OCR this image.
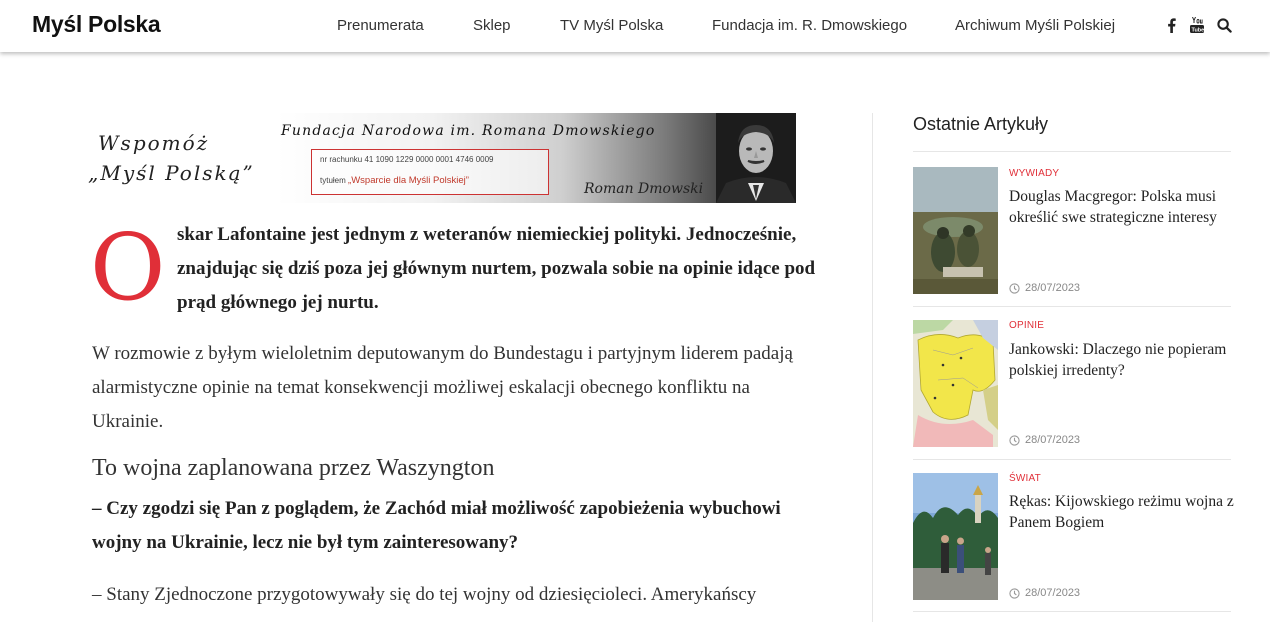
Myśl Polska	Prenumerata	Sklep	TV Myśl Polska	Fundacja im. R. Dmowskiego	Archiwum Myśli Polskiej	Tube
Wspomóż
„Myśl Polską”
Fundacja Narodowa im. Romana Dmowskiego
nr rachunku 41 1090 1229 0000 0001 4746 0009
tytułem „Wsparcie dla Myśli Polskiej”
Roman Dmowski
O skar Lafontaine jest jednym z weteranów niemieckiej polityki. Jednocześnie, znajdując się dziś poza jej głównym nurtem, pozwala sobie na opinie idące pod prąd głównego jej nurtu.
W rozmowie z byłym wieloletnim deputowanym do Bundestagu i partyjnym liderem padają alarmistyczne opinie na temat konsekwencji możliwej eskalacji obecnego konfliktu na Ukrainie.
To wojna zaplanowana przez Waszyngton
– Czy zgodzi się Pan z poglądem, że Zachód miał możliwość zapobieżenia wybuchowi wojny na Ukrainie, lecz nie był tym zainteresowany?
– Stany Zjednoczone przygotowywały się do tej wojny od dziesięcioleci. Amerykańscy
Ostatnie Artykuły
WYWIADY
Douglas Macgregor: Polska musi określić swe strategiczne interesy
28/07/2023
OPINIE
Jankowski: Dlaczego nie popieram polskiej irredenty?
28/07/2023
ŚWIAT
Rękas: Kijowskiego reżimu wojna z Panem Bogiem
28/07/2023
